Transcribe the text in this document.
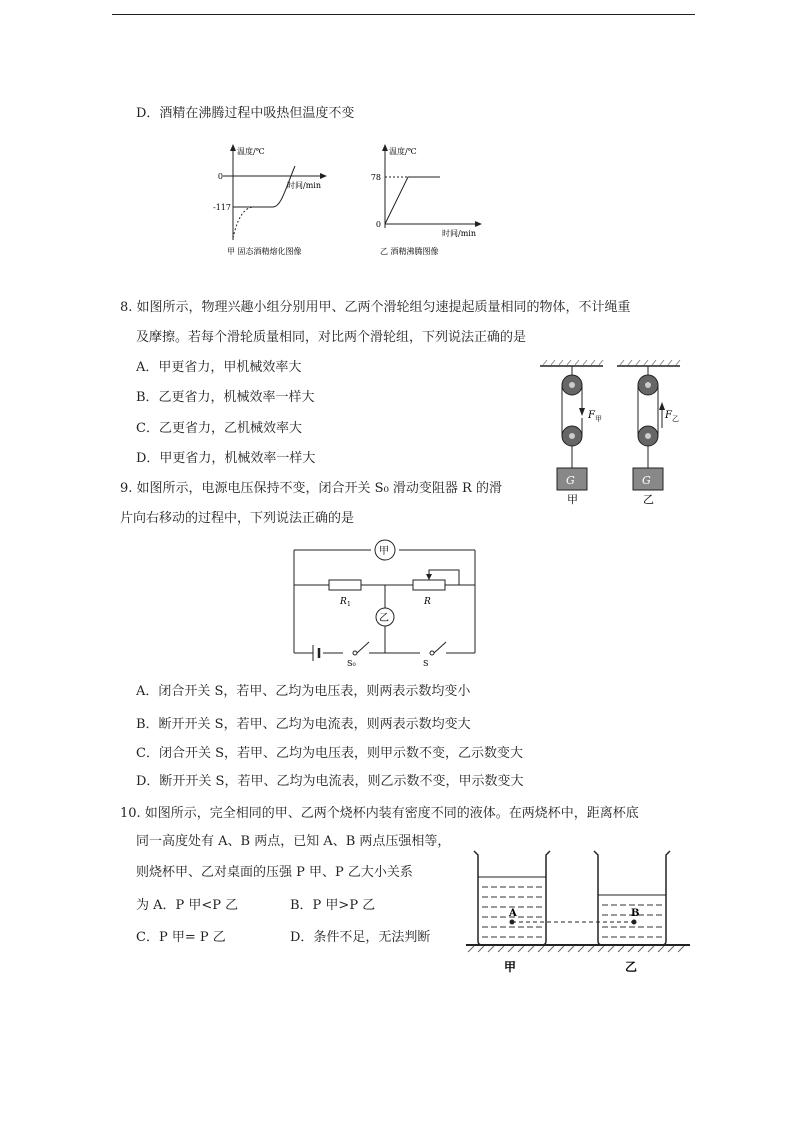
D．酒精在沸腾过程中吸热但温度不变
温度/℃
时间/min
0
-117
甲 固态酒精熔化图像
温度/℃
时间/min
78
0
乙 酒精沸腾图像
8. 如图所示，物理兴趣小组分别用甲、乙两个滑轮组匀速提起质量相同的物体，不计绳重
及摩擦。若每个滑轮质量相同，对比两个滑轮组，下列说法正确的是
A．甲更省力，甲机械效率大
B．乙更省力，机械效率一样大
C．乙更省力，乙机械效率大
D．甲更省力，机械效率一样大
G
F 甲
甲
G
F 乙
乙
9. 如图所示，电源电压保持不变，闭合开关 S₀ 滑动变阻器 R 的滑
片向右移动的过程中，下列说法正确的是
甲
乙
R 1	R
S₀	S
A．闭合开关 S，若甲、乙均为电压表，则两表示数均变小
B．断开开关 S，若甲、乙均为电流表，则两表示数均变大
C．闭合开关 S，若甲、乙均为电压表，则甲示数不变，乙示数变大
D．断开开关 S，若甲、乙均为电流表，则乙示数不变，甲示数变大
10. 如图所示，完全相同的甲、乙两个烧杯内装有密度不同的液体。在两烧杯中，距离杯底
同一高度处有 A、B 两点，已知 A、B 两点压强相等，
则烧杯甲、乙对桌面的压强 P 甲、P 乙大小关系
为 A．P 甲<P 乙	B．P 甲>P 乙
C．P 甲= P 乙	D．条件不足，无法判断
A	B
甲	乙
